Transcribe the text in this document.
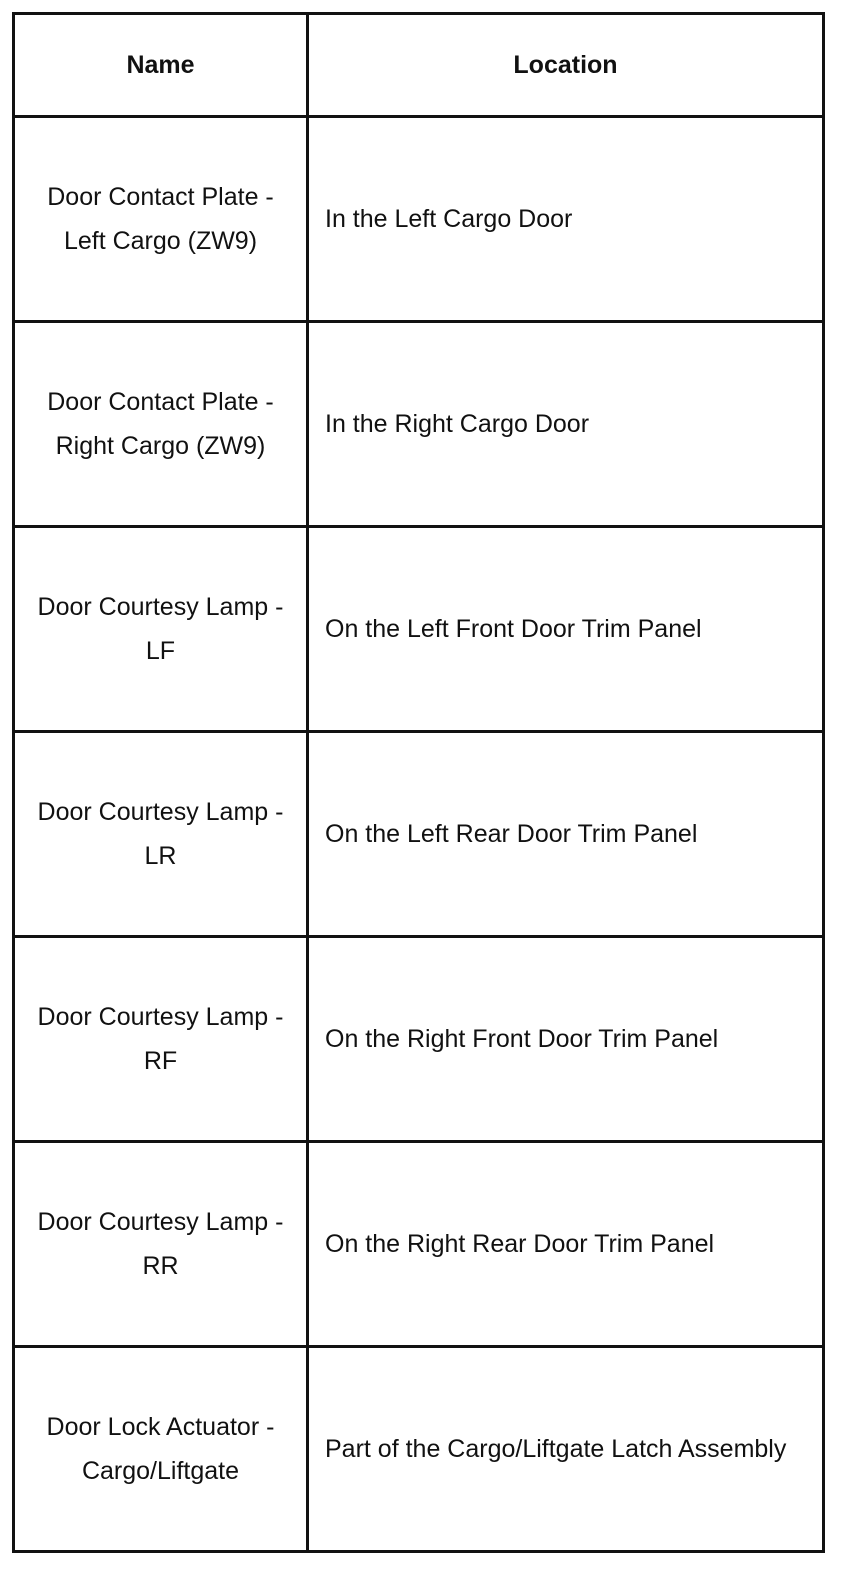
Name	Location

Door Contact Plate - Left Cargo (ZW9)	In the Left Cargo Door

Door Contact Plate - Right Cargo (ZW9)	In the Right Cargo Door

Door Courtesy Lamp - LF	On the Left Front Door Trim Panel

Door Courtesy Lamp - LR	On the Left Rear Door Trim Panel

Door Courtesy Lamp - RF	On the Right Front Door Trim Panel

Door Courtesy Lamp - RR	On the Right Rear Door Trim Panel

Door Lock Actuator - Cargo/Liftgate	Part of the Cargo/Liftgate Latch Assembly
